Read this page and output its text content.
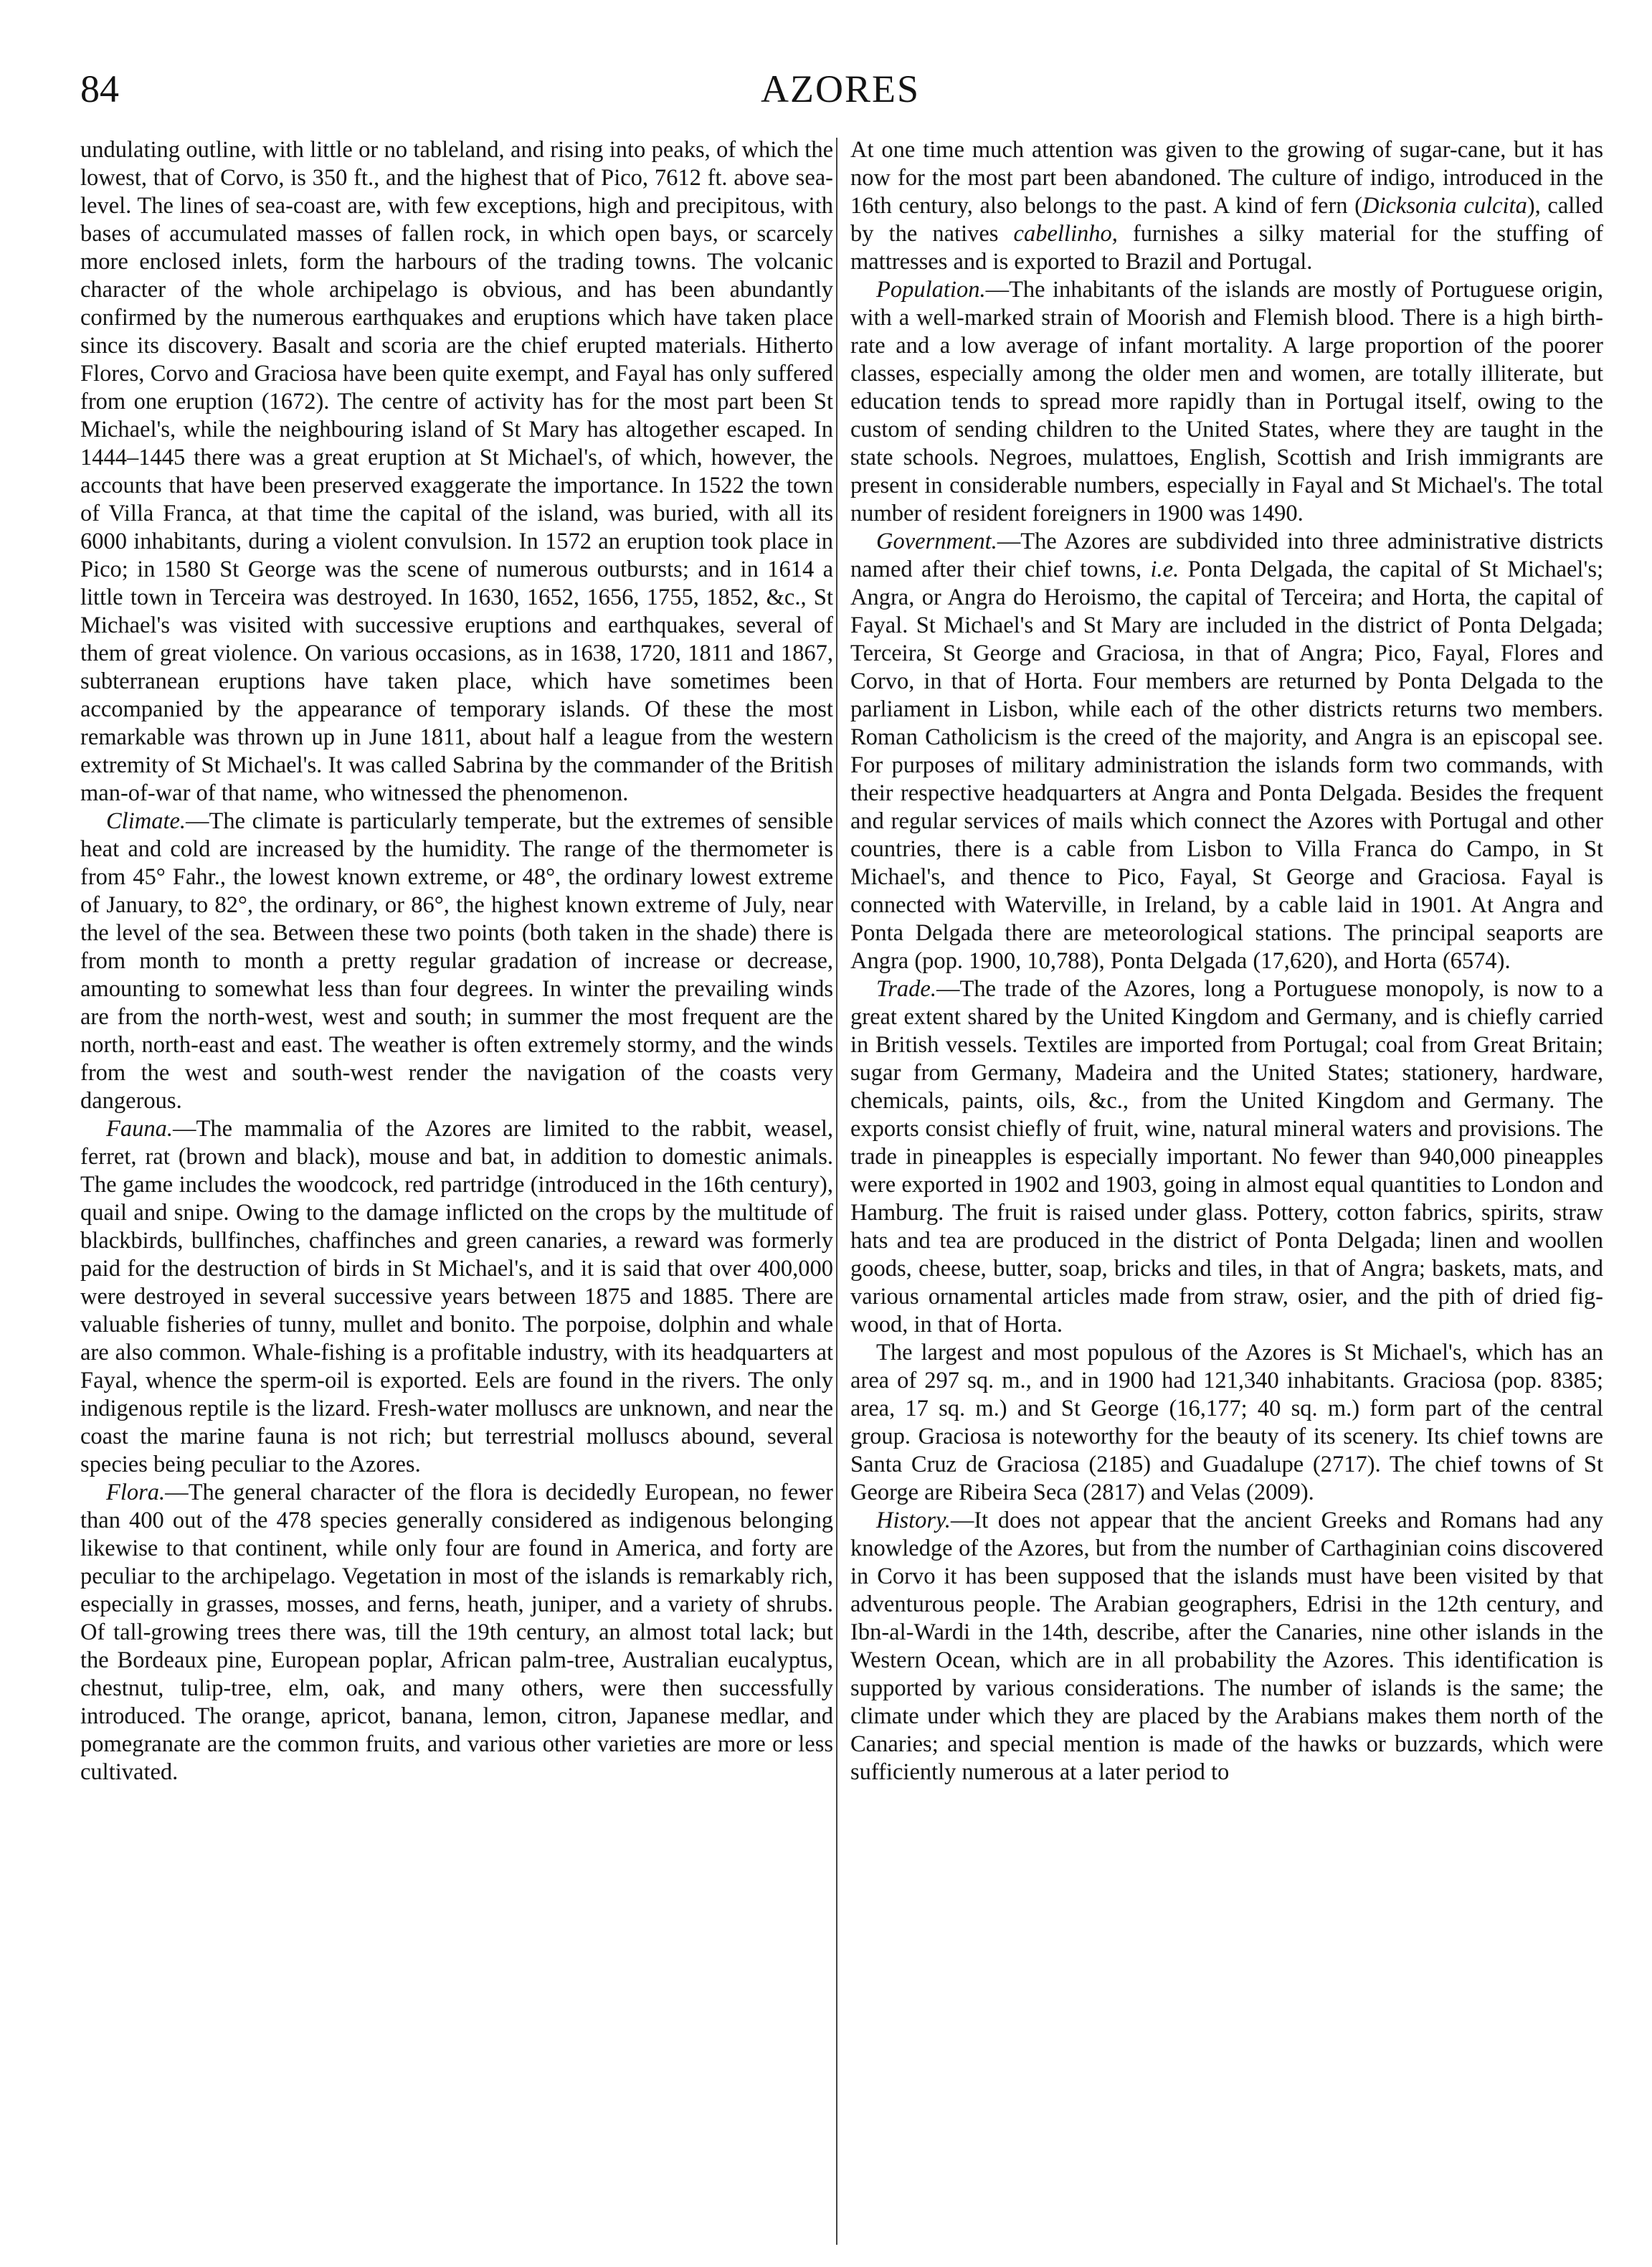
84	AZORES

undulating outline, with little or no tableland, and rising into peaks, of which the lowest, that of Corvo, is 350 ft., and the highest that of Pico, 7612 ft. above sea-level. The lines of sea-coast are, with few exceptions, high and precipitous, with bases of accumulated masses of fallen rock, in which open bays, or scarcely more enclosed inlets, form the harbours of the trading towns. The volcanic character of the whole archipelago is obvious, and has been abundantly confirmed by the numerous earthquakes and eruptions which have taken place since its discovery. Basalt and scoria are the chief erupted materials. Hitherto Flores, Corvo and Graciosa have been quite exempt, and Fayal has only suffered from one eruption (1672). The centre of activity has for the most part been St Michael's, while the neighbouring island of St Mary has altogether escaped. In 1444–1445 there was a great eruption at St Michael's, of which, however, the accounts that have been preserved exaggerate the importance. In 1522 the town of Villa Franca, at that time the capital of the island, was buried, with all its 6000 inhabitants, during a violent convulsion. In 1572 an eruption took place in Pico; in 1580 St George was the scene of numerous outbursts; and in 1614 a little town in Terceira was destroyed. In 1630, 1652, 1656, 1755, 1852, &c., St Michael's was visited with successive eruptions and earthquakes, several of them of great violence. On various occasions, as in 1638, 1720, 1811 and 1867, subterranean eruptions have taken place, which have sometimes been accompanied by the appearance of temporary islands. Of these the most remarkable was thrown up in June 1811, about half a league from the western extremity of St Michael's. It was called Sabrina by the commander of the British man-of-war of that name, who witnessed the phenomenon.

Climate.—The climate is particularly temperate, but the extremes of sensible heat and cold are increased by the humidity. The range of the thermometer is from 45° Fahr., the lowest known extreme, or 48°, the ordinary lowest extreme of January, to 82°, the ordinary, or 86°, the highest known extreme of July, near the level of the sea. Between these two points (both taken in the shade) there is from month to month a pretty regular gradation of increase or decrease, amounting to somewhat less than four degrees. In winter the prevailing winds are from the north-west, west and south; in summer the most frequent are the north, north-east and east. The weather is often extremely stormy, and the winds from the west and south-west render the navigation of the coasts very dangerous.

Fauna.—The mammalia of the Azores are limited to the rabbit, weasel, ferret, rat (brown and black), mouse and bat, in addition to domestic animals. The game includes the woodcock, red partridge (introduced in the 16th century), quail and snipe. Owing to the damage inflicted on the crops by the multitude of blackbirds, bullfinches, chaffinches and green canaries, a reward was formerly paid for the destruction of birds in St Michael's, and it is said that over 400,000 were destroyed in several successive years between 1875 and 1885. There are valuable fisheries of tunny, mullet and bonito. The porpoise, dolphin and whale are also common. Whale-fishing is a profitable industry, with its headquarters at Fayal, whence the sperm-oil is exported. Eels are found in the rivers. The only indigenous reptile is the lizard. Fresh-water molluscs are unknown, and near the coast the marine fauna is not rich; but terrestrial molluscs abound, several species being peculiar to the Azores.

Flora.—The general character of the flora is decidedly European, no fewer than 400 out of the 478 species generally considered as indigenous belonging likewise to that continent, while only four are found in America, and forty are peculiar to the archipelago. Vegetation in most of the islands is remarkably rich, especially in grasses, mosses, and ferns, heath, juniper, and a variety of shrubs. Of tall-growing trees there was, till the 19th century, an almost total lack; but the Bordeaux pine, European poplar, African palm-tree, Australian eucalyptus, chestnut, tulip-tree, elm, oak, and many others, were then successfully introduced. The orange, apricot, banana, lemon, citron, Japanese medlar, and pomegranate are the common fruits, and various other varieties are more or less cultivated.

At one time much attention was given to the growing of sugar-cane, but it has now for the most part been abandoned. The culture of indigo, introduced in the 16th century, also belongs to the past. A kind of fern (Dicksonia culcita), called by the natives cabellinho, furnishes a silky material for the stuffing of mattresses and is exported to Brazil and Portugal.

Population.—The inhabitants of the islands are mostly of Portuguese origin, with a well-marked strain of Moorish and Flemish blood. There is a high birth-rate and a low average of infant mortality. A large proportion of the poorer classes, especially among the older men and women, are totally illiterate, but education tends to spread more rapidly than in Portugal itself, owing to the custom of sending children to the United States, where they are taught in the state schools. Negroes, mulattoes, English, Scottish and Irish immigrants are present in considerable numbers, especially in Fayal and St Michael's. The total number of resident foreigners in 1900 was 1490.

Government.—The Azores are subdivided into three administrative districts named after their chief towns, i.e. Ponta Delgada, the capital of St Michael's; Angra, or Angra do Heroismo, the capital of Terceira; and Horta, the capital of Fayal. St Michael's and St Mary are included in the district of Ponta Delgada; Terceira, St George and Graciosa, in that of Angra; Pico, Fayal, Flores and Corvo, in that of Horta. Four members are returned by Ponta Delgada to the parliament in Lisbon, while each of the other districts returns two members. Roman Catholicism is the creed of the majority, and Angra is an episcopal see. For purposes of military administration the islands form two commands, with their respective headquarters at Angra and Ponta Delgada. Besides the frequent and regular services of mails which connect the Azores with Portugal and other countries, there is a cable from Lisbon to Villa Franca do Campo, in St Michael's, and thence to Pico, Fayal, St George and Graciosa. Fayal is connected with Waterville, in Ireland, by a cable laid in 1901. At Angra and Ponta Delgada there are meteorological stations. The principal seaports are Angra (pop. 1900, 10,788), Ponta Delgada (17,620), and Horta (6574).

Trade.—The trade of the Azores, long a Portuguese monopoly, is now to a great extent shared by the United Kingdom and Germany, and is chiefly carried in British vessels. Textiles are imported from Portugal; coal from Great Britain; sugar from Germany, Madeira and the United States; stationery, hardware, chemicals, paints, oils, &c., from the United Kingdom and Germany. The exports consist chiefly of fruit, wine, natural mineral waters and provisions. The trade in pineapples is especially important. No fewer than 940,000 pineapples were exported in 1902 and 1903, going in almost equal quantities to London and Hamburg. The fruit is raised under glass. Pottery, cotton fabrics, spirits, straw hats and tea are produced in the district of Ponta Delgada; linen and woollen goods, cheese, butter, soap, bricks and tiles, in that of Angra; baskets, mats, and various ornamental articles made from straw, osier, and the pith of dried fig-wood, in that of Horta.

The largest and most populous of the Azores is St Michael's, which has an area of 297 sq. m., and in 1900 had 121,340 inhabitants. Graciosa (pop. 8385; area, 17 sq. m.) and St George (16,177; 40 sq. m.) form part of the central group. Graciosa is noteworthy for the beauty of its scenery. Its chief towns are Santa Cruz de Graciosa (2185) and Guadalupe (2717). The chief towns of St George are Ribeira Seca (2817) and Velas (2009).

History.—It does not appear that the ancient Greeks and Romans had any knowledge of the Azores, but from the number of Carthaginian coins discovered in Corvo it has been supposed that the islands must have been visited by that adventurous people. The Arabian geographers, Edrisi in the 12th century, and Ibn-al-Wardi in the 14th, describe, after the Canaries, nine other islands in the Western Ocean, which are in all probability the Azores. This identification is supported by various considerations. The number of islands is the same; the climate under which they are placed by the Arabians makes them north of the Canaries; and special mention is made of the hawks or buzzards, which were sufficiently numerous at a later period to
